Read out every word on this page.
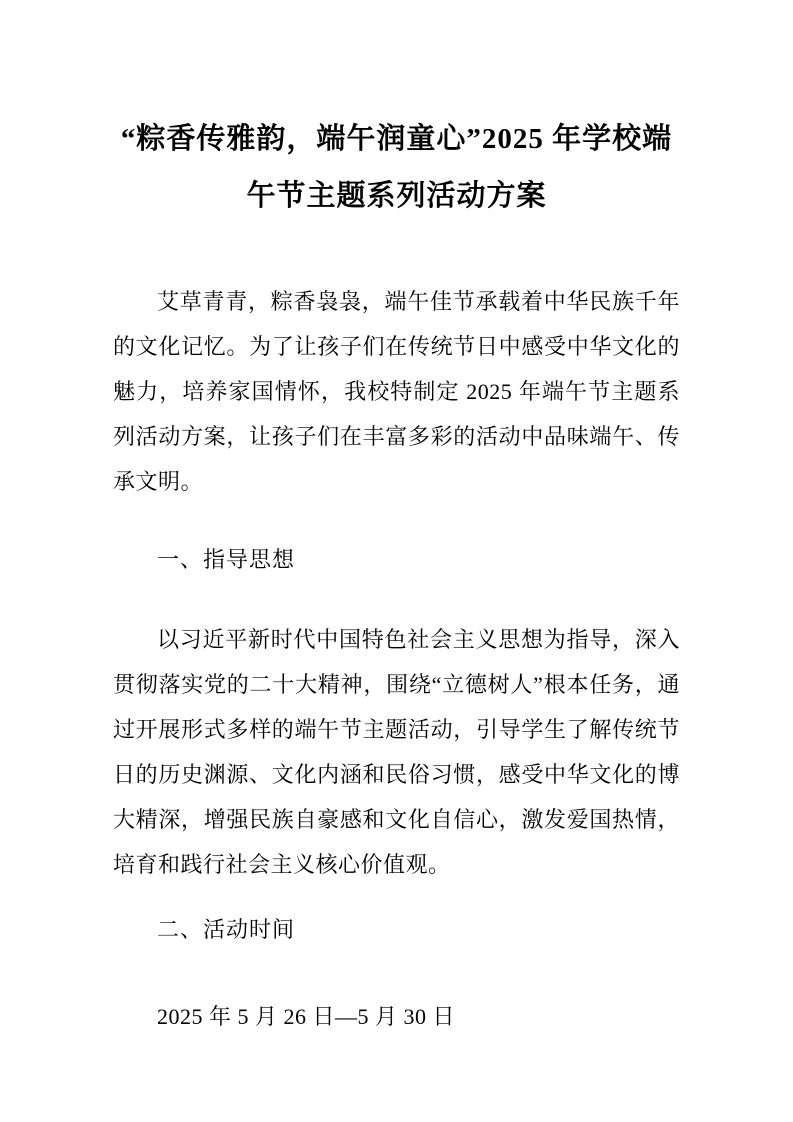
“粽香传雅韵，端午润童心”2025 年学校端午节主题系列活动方案

艾草青青，粽香袅袅，端午佳节承载着中华民族千年的文化记忆。为了让孩子们在传统节日中感受中华文化的魅力，培养家国情怀，我校特制定 2025 年端午节主题系列活动方案，让孩子们在丰富多彩的活动中品味端午、传承文明。

一、指导思想

以习近平新时代中国特色社会主义思想为指导，深入贯彻落实党的二十大精神，围绕“立德树人”根本任务，通过开展形式多样的端午节主题活动，引导学生了解传统节日的历史渊源、文化内涵和民俗习惯，感受中华文化的博大精深，增强民族自豪感和文化自信心，激发爱国热情，培育和践行社会主义核心价值观。

二、活动时间

2025 年 5 月 26 日—5 月 30 日
